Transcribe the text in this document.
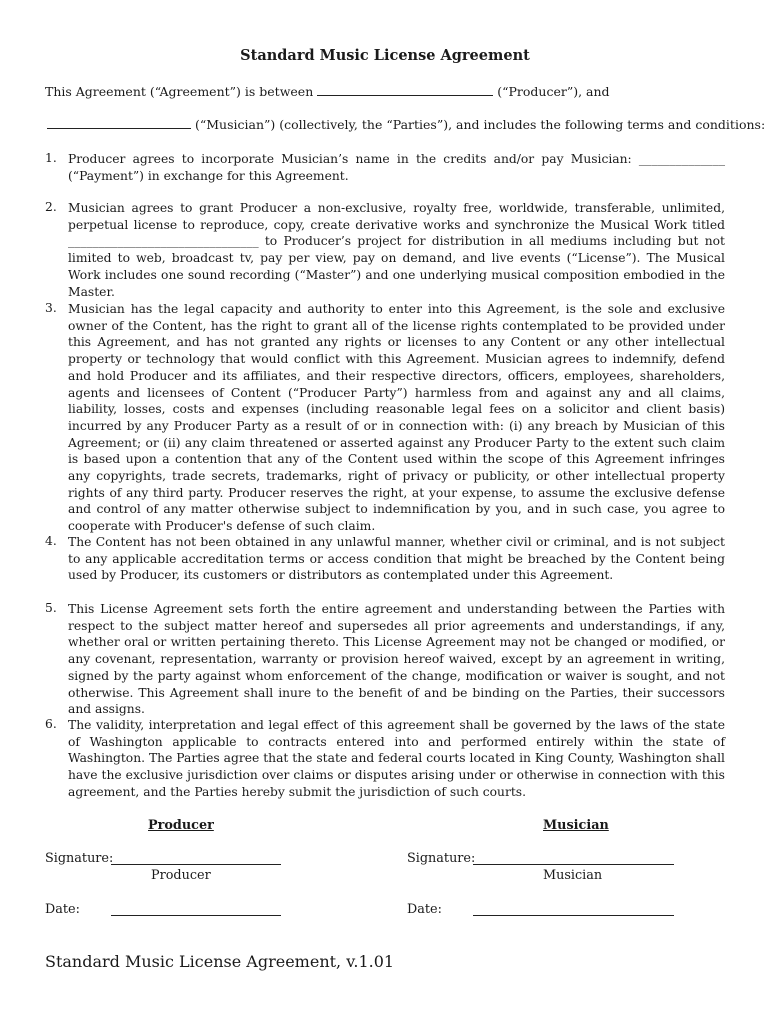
Standard Music License Agreement
This Agreement (“Agreement”) is between	(“Producer”), and
(“Musician”) (collectively, the “Parties”), and includes the following terms and conditions:
1. Producer agrees to incorporate Musician’s name in the credits and/or pay Musician: ______________ (“Payment”) in exchange for this Agreement.
2. Musician agrees to grant Producer a non-exclusive, royalty free, worldwide, transferable, unlimited, perpetual license to reproduce, copy, create derivative works and synchronize the Musical Work titled _______________________________ to Producer’s project for distribution in all mediums including but not limited to web, broadcast tv, pay per view, pay on demand, and live events (“License”). The Musical Work includes one sound recording (“Master”) and one underlying musical composition embodied in the Master.
3. Musician has the legal capacity and authority to enter into this Agreement, is the sole and exclusive owner of the Content, has the right to grant all of the license rights contemplated to be provided under this Agreement, and has not granted any rights or licenses to any Content or any other intellectual property or technology that would conflict with this Agreement. Musician agrees to indemnify, defend and hold Producer and its affiliates, and their respective directors, officers, employees, shareholders, agents and licensees of Content (“Producer Party”) harmless from and against any and all claims, liability, losses, costs and expenses (including reasonable legal fees on a solicitor and client basis) incurred by any Producer Party as a result of or in connection with: (i) any breach by Musician of this Agreement; or (ii) any claim threatened or asserted against any Producer Party to the extent such claim is based upon a contention that any of the Content used within the scope of this Agreement infringes any copyrights, trade secrets, trademarks, right of privacy or publicity, or other intellectual property rights of any third party. Producer reserves the right, at your expense, to assume the exclusive defense and control of any matter otherwise subject to indemnification by you, and in such case, you agree to cooperate with Producer's defense of such claim.
4. The Content has not been obtained in any unlawful manner, whether civil or criminal, and is not subject to any applicable accreditation terms or access condition that might be breached by the Content being used by Producer, its customers or distributors as contemplated under this Agreement.
5. This License Agreement sets forth the entire agreement and understanding between the Parties with respect to the subject matter hereof and supersedes all prior agreements and understandings, if any, whether oral or written pertaining thereto. This License Agreement may not be changed or modified, or any covenant, representation, warranty or provision hereof waived, except by an agreement in writing, signed by the party against whom enforcement of the change, modification or waiver is sought, and not otherwise. This Agreement shall inure to the benefit of and be binding on the Parties, their successors and assigns.
6. The validity, interpretation and legal effect of this agreement shall be governed by the laws of the state of Washington applicable to contracts entered into and performed entirely within the state of Washington. The Parties agree that the state and federal courts located in King County, Washington shall have the exclusive jurisdiction over claims or disputes arising under or otherwise in connection with this agreement, and the Parties hereby submit the jurisdiction of such courts.
Producer	Musician
Signature:	Signature:
Producer	Musician
Date:	Date:
Standard Music License Agreement, v.1.01
